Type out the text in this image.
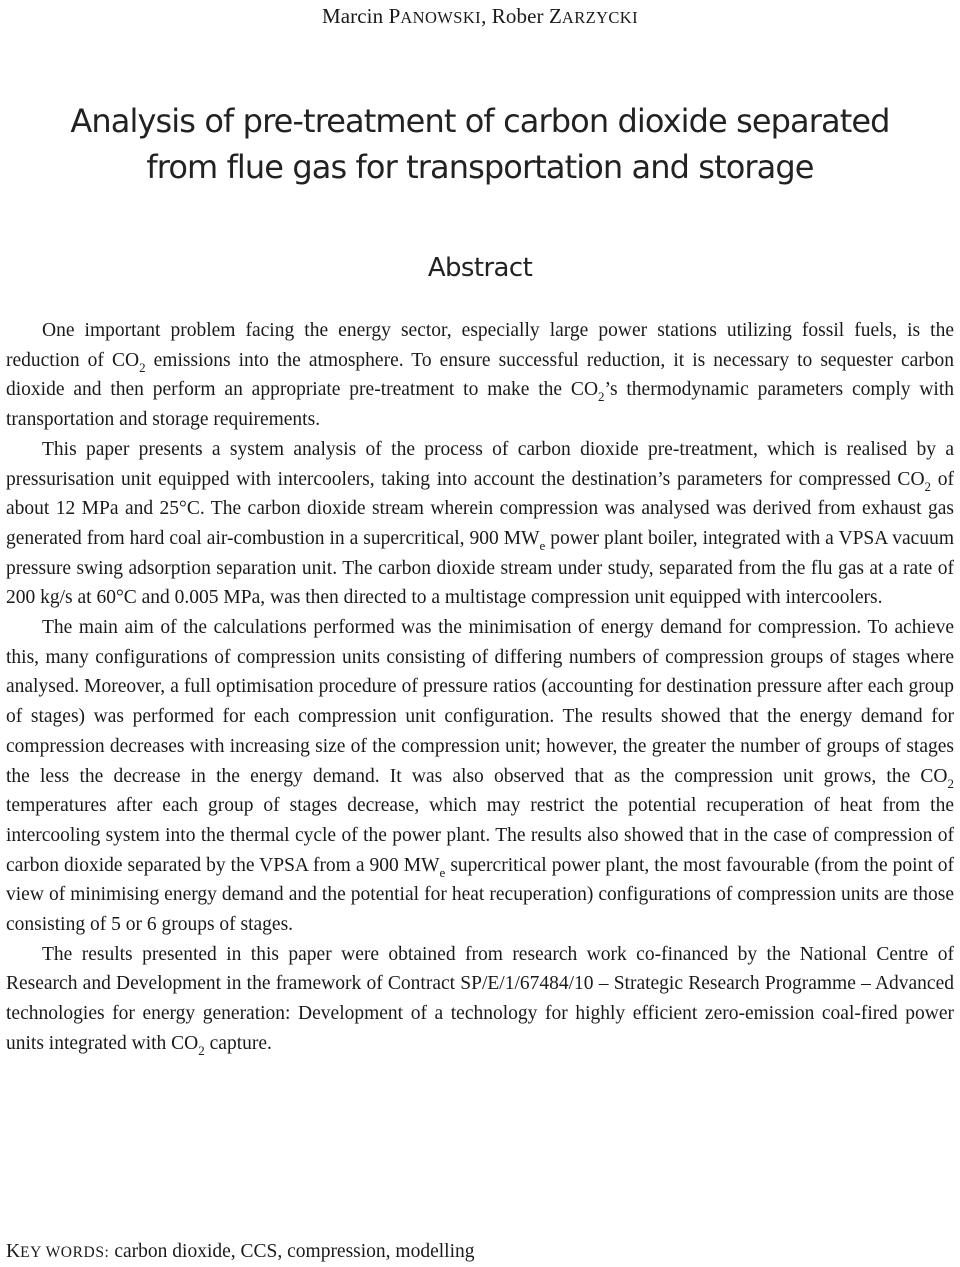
Marcin PANOWSKI, Rober ZARZYCKI
Analysis of pre-treatment of carbon dioxide separated
from flue gas for transportation and storage
Abstract

One important problem facing the energy sector, especially large power stations utilizing fossil fuels, is the reduction of $CO_2$ emissions into the atmosphere. To ensure successful reduction, it is necessary to sequester carbon dioxide and then perform an appropriate pre-treatment to make the $CO_2’s$ thermodynamic parameters comply with transportation and storage requirements.

This paper presents a system analysis of the process of carbon dioxide pre-treatment, which is realised by a pressurisation unit equipped with intercoolers, taking into account the destination’s parameters for compressed $CO_2$ of about 12 MPa and 25°C. The carbon dioxide stream wherein compression was analysed was derived from exhaust gas generated from hard coal air-combustion in a supercritical, 900 $MW_e$ power plant boiler, integrated with a VPSA vacuum pressure swing adsorption separation unit. The carbon dioxide stream under study, separated from the flu gas at a rate of 200 kg/s at 60°C and 0.005 MPa, was then directed to a multistage compression unit equipped with intercoolers.

The main aim of the calculations performed was the minimisation of energy demand for compression. To achieve this, many configurations of compression units consisting of differing numbers of compression groups of stages where analysed. Moreover, a full optimisation procedure of pressure ratios (accounting for destination pressure after each group of stages) was performed for each compression unit configuration. The results showed that the energy demand for compression decreases with increasing size of the compression unit; however, the greater the number of groups of stages the less the decrease in the energy demand. It was also observed that as the compression unit grows, the $CO_2$ temperatures after each group of stages decrease, which may restrict the potential recuperation of heat from the intercooling system into the thermal cycle of the power plant. The results also showed that in the case of compression of carbon dioxide separated by the VPSA from a 900 $MW_e$ supercritical power plant, the most favourable (from the point of view of minimising energy demand and the potential for heat recuperation) configurations of compression units are those consisting of 5 or 6 groups of stages.

The results presented in this paper were obtained from research work co-financed by the National Centre of Research and Development in the framework of Contract SP/E/1/67484/10 – Strategic Research Programme – Advanced technologies for energy generation: Development of a technology for highly efficient zero-emission coal-fired power units integrated with $CO_2$ capture.

KEY WORDS: carbon dioxide, CCS, compression, modelling
